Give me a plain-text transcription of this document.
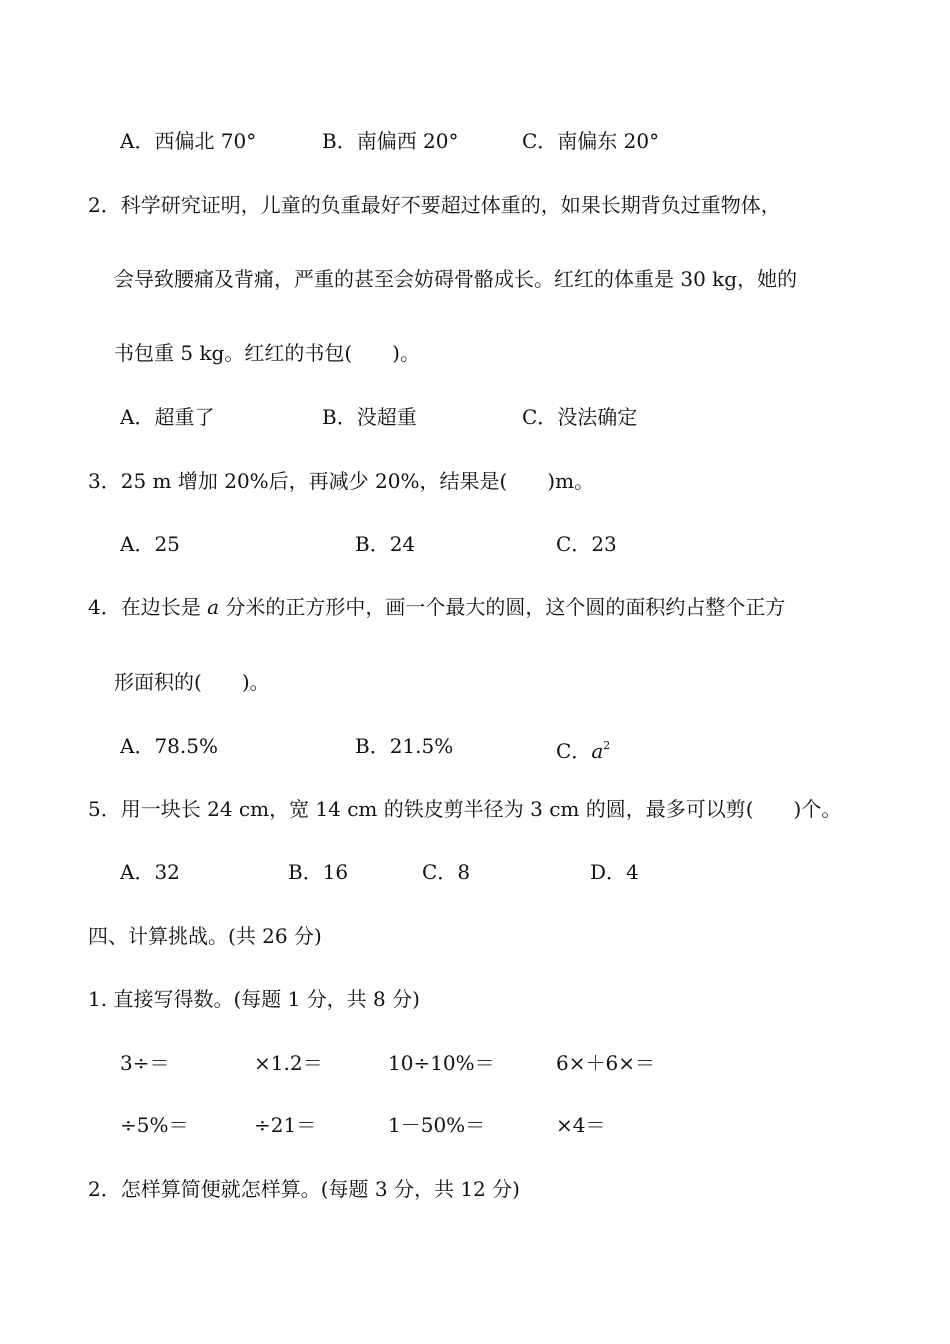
A．西偏北 70°	B．南偏西 20°	C．南偏东 20°
2．科学研究证明，儿童的负重最好不要超过体重的，如果长期背负过重物体，
会导致腰痛及背痛，严重的甚至会妨碍骨骼成长。红红的体重是 30 kg，她的
书包重 5 kg。红红的书包( )。
A．超重了	B．没超重	C．没法确定
3．25 m 增加 20%后，再减少 20%，结果是( )m。
A．25	B．24	C．23
4．在边长是 a 分米的正方形中，画一个最大的圆，这个圆的面积约占整个正方
形面积的( )。
A．78.5%	B．21.5%	C．$a^2$
5．用一块长 24 cm，宽 14 cm 的铁皮剪半径为 3 cm 的圆，最多可以剪( )个。
A．32	B．16	C．8	D．4
四、计算挑战。(共 26 分)
1. 直接写得数。(每题 1 分，共 8 分)
3÷＝	×1.2＝	10÷10%＝	6×＋6×＝
÷5%＝	÷21＝	1－50%＝	×4＝
2．怎样算简便就怎样算。(每题 3 分，共 12 分)
